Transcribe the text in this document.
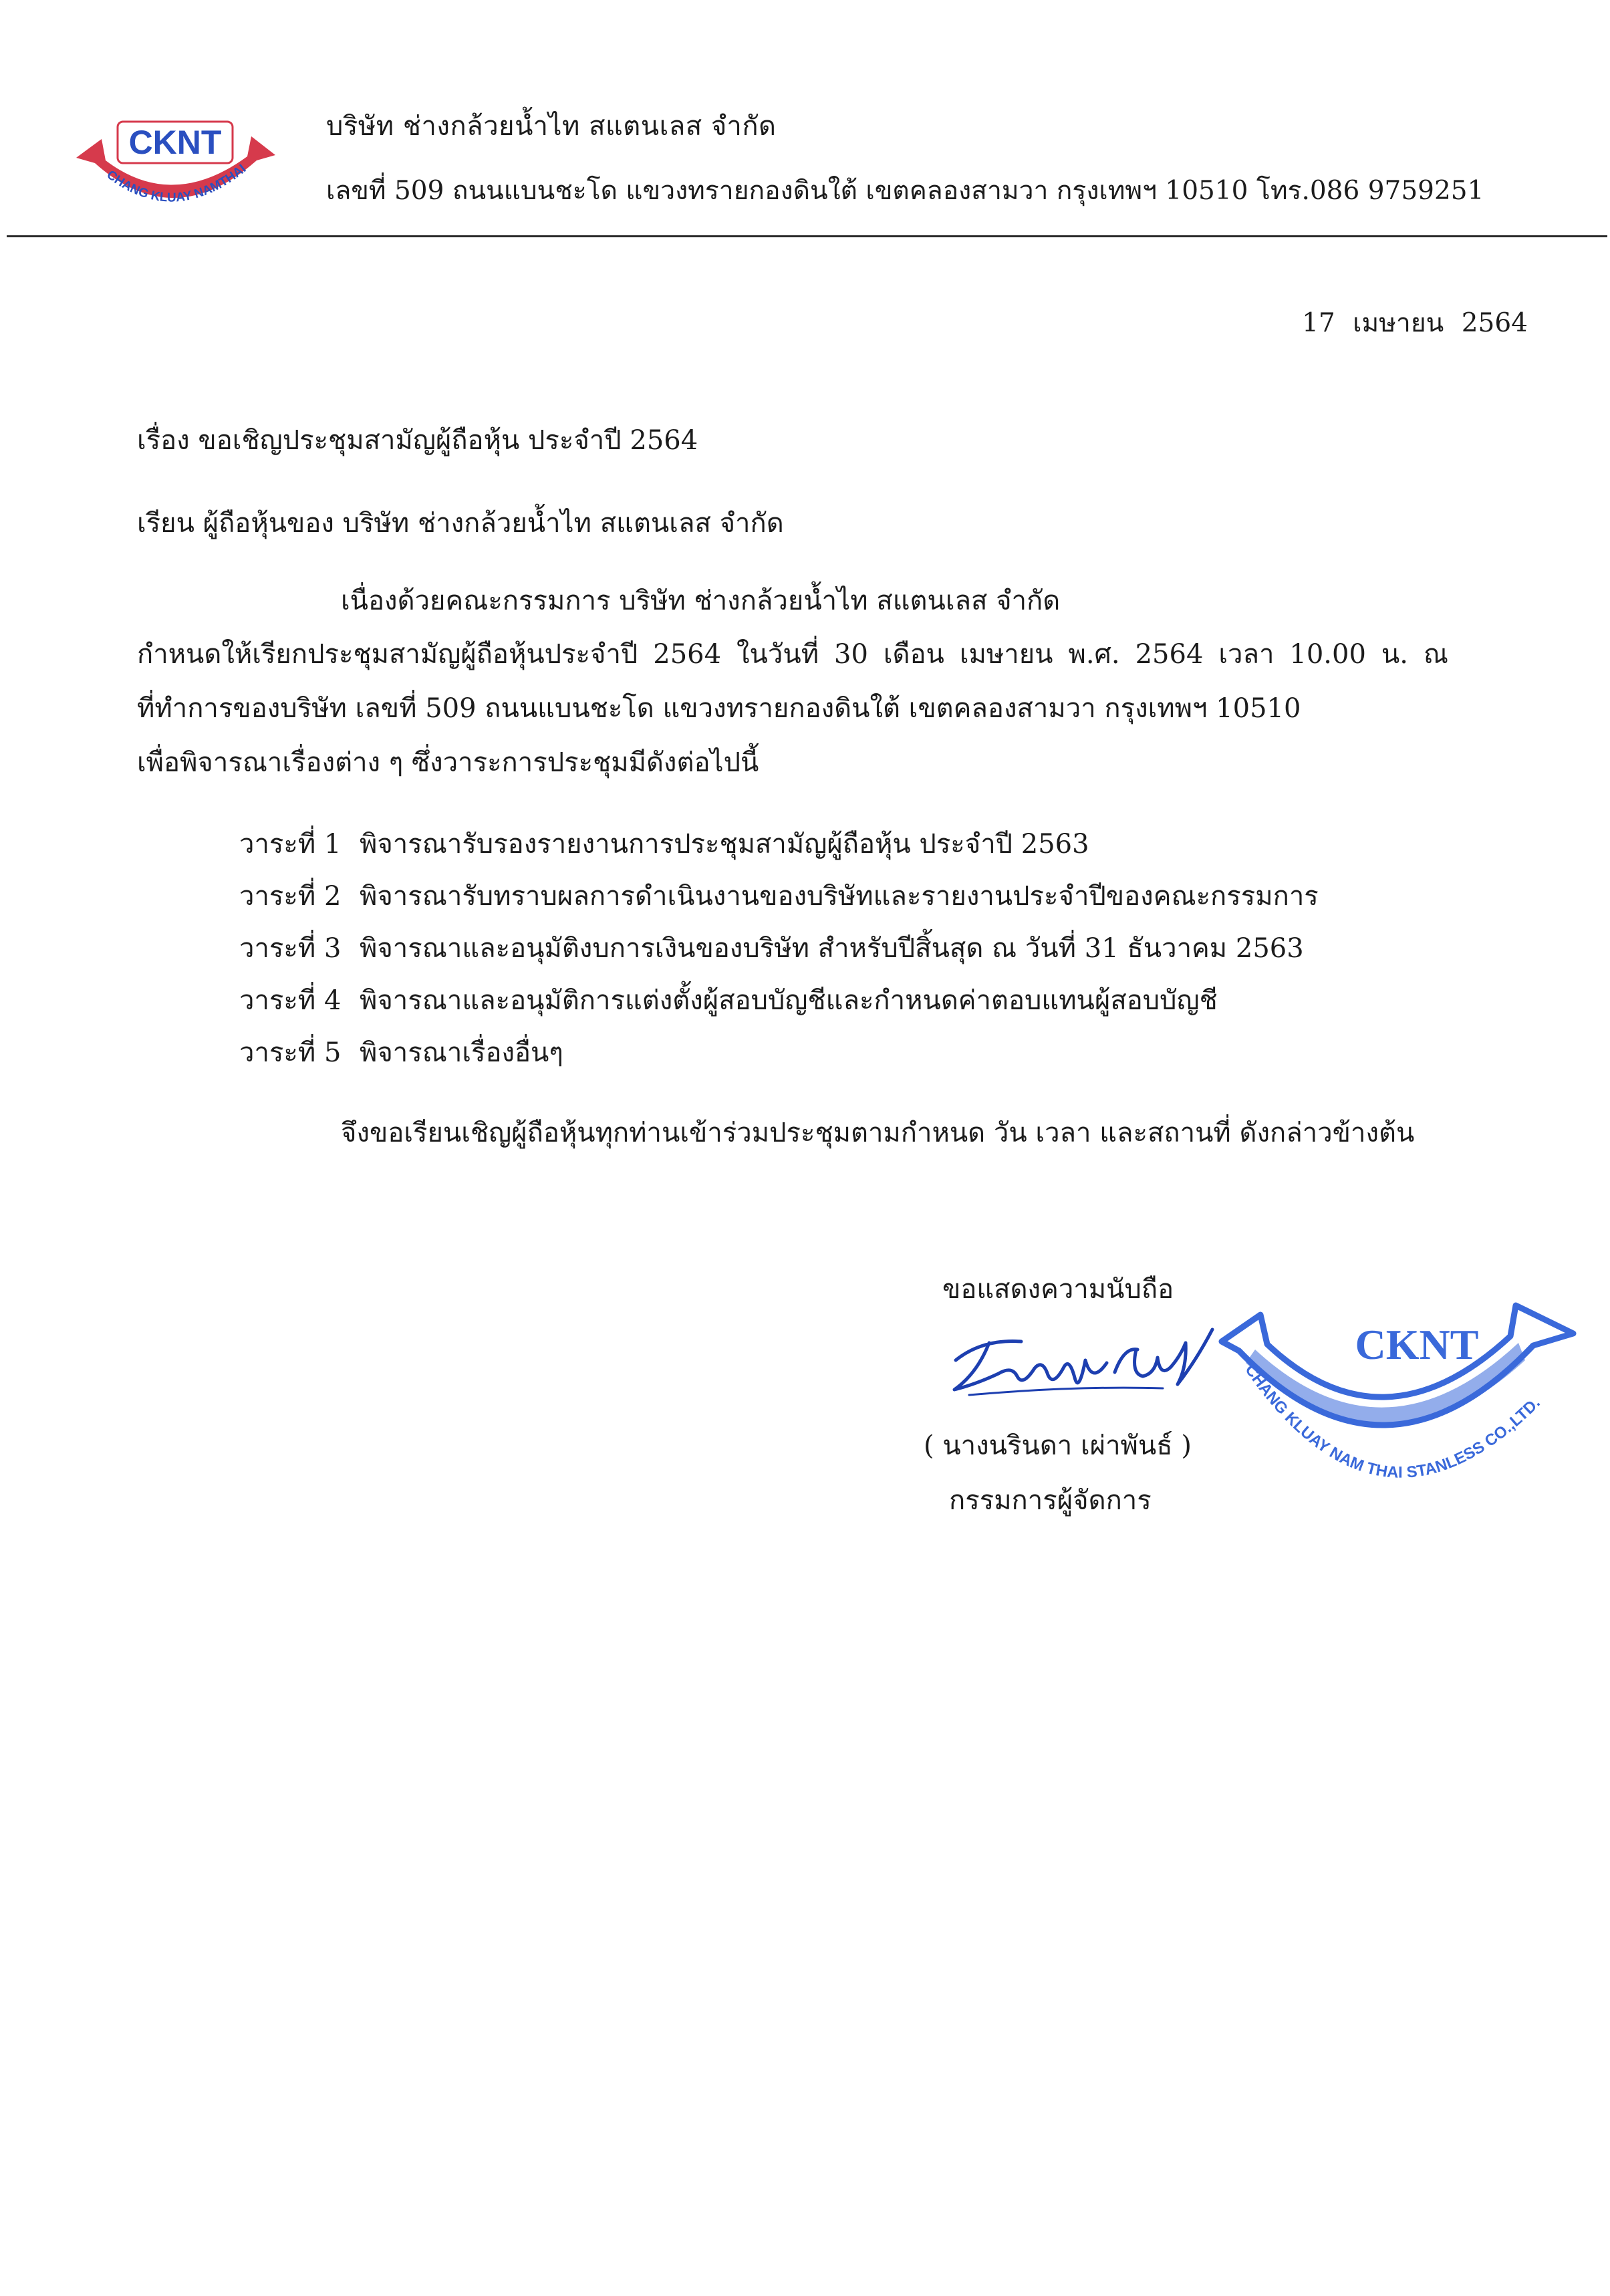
CKNT
CHANG KLUAY NAMTHAI
บริษัท ช่างกล้วยน้ำไท สแตนเลส จำกัด
เลขที่ 509 ถนนแบนชะโด แขวงทรายกองดินใต้ เขตคลองสามวา กรุงเทพฯ 10510 โทร.086 9759251
17 เมษายน 2564
เรื่อง ขอเชิญประชุมสามัญผู้ถือหุ้น ประจำปี 2564
เรียน ผู้ถือหุ้นของ บริษัท ช่างกล้วยน้ำไท สแตนเลส จำกัด
เนื่องด้วยคณะกรรมการ บริษัท ช่างกล้วยน้ำไท สแตนเลส จำกัด
กำหนดให้เรียกประชุมสามัญผู้ถือหุ้นประจำปี 2564 ในวันที่ 30 เดือน เมษายน พ.ศ. 2564 เวลา 10.00 น. ณ
ที่ทำการของบริษัท เลขที่ 509 ถนนแบนชะโด แขวงทรายกองดินใต้ เขตคลองสามวา กรุงเทพฯ 10510
เพื่อพิจารณาเรื่องต่าง ๆ ซึ่งวาระการประชุมมีดังต่อไปนี้
วาระที่ 1 พิจารณารับรองรายงานการประชุมสามัญผู้ถือหุ้น ประจำปี 2563
วาระที่ 2 พิจารณารับทราบผลการดำเนินงานของบริษัทและรายงานประจำปีของคณะกรรมการ
วาระที่ 3 พิจารณาและอนุมัติงบการเงินของบริษัท สำหรับปีสิ้นสุด ณ วันที่ 31 ธันวาคม 2563
วาระที่ 4 พิจารณาและอนุมัติการแต่งตั้งผู้สอบบัญชีและกำหนดค่าตอบแทนผู้สอบบัญชี
วาระที่ 5 พิจารณาเรื่องอื่นๆ
จึงขอเรียนเชิญผู้ถือหุ้นทุกท่านเข้าร่วมประชุมตามกำหนด วัน เวลา และสถานที่ ดังกล่าวข้างต้น
ขอแสดงความนับถือ
( นางนรินดา เผ่าพันธ์ )
กรรมการผู้จัดการ
CKNT
CHANG KLUAY NAM THAI STANLESS CO.,LTD.
